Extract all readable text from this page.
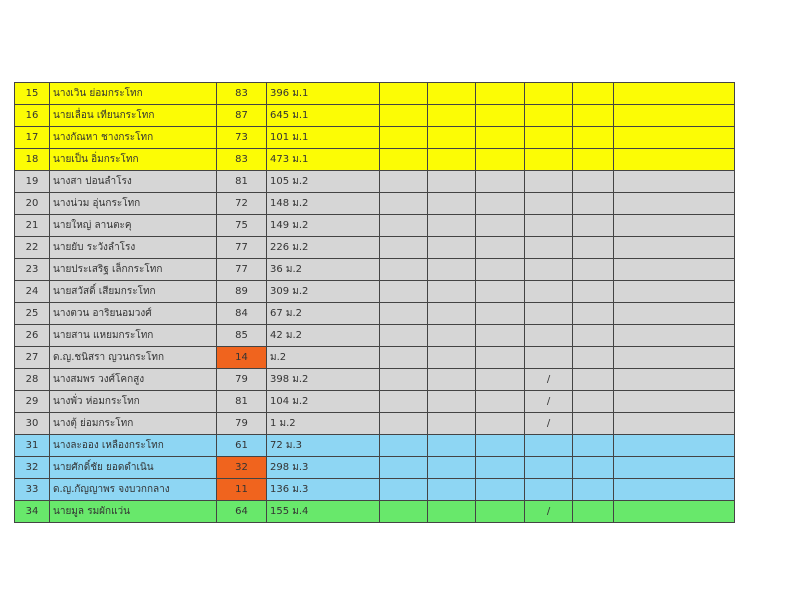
15	นางเวิน ย่อมกระโทก	83	396 ม.1						
16	นายเลื่อน เทียนกระโทก	87	645 ม.1						
17	นางกัณหา ชางกระโทก	73	101 ม.1						
18	นายเป็น อิ่มกระโทก	83	473 ม.1						
19	นางสา ปอนลำโรง	81	105 ม.2						
20	นางน่วม อุ่นกระโทก	72	148 ม.2						
21	นายใหญ่ ลานตะคุ	75	149 ม.2						
22	นายยับ ระวังลำโรง	77	226 ม.2						
23	นายประเสริฐ เล็กกระโทก	77	36 ม.2						
24	นายสวัสดิ์ เสียมกระโทก	89	309 ม.2						
25	นางตวน อาริยนอมวงศ์	84	67 ม.2						
26	นายสาน แหยมกระโทก	85	42 ม.2						
27	ด.ญ.ชนิสรา ญวนกระโทก	14	ม.2						
28	นางสมพร วงศ์โคกสูง	79	398 ม.2				/		
29	นางพั่ว ห่อมกระโทก	81	104 ม.2				/		
30	นางตุ้ ย่อมกระโทก	79	1 ม.2				/		
31	นางละออง เหลืองกระโทก	61	72 ม.3						
32	นายศักดิ์ชัย ยอดดำเนิน	32	298 ม.3						
33	ด.ญ.กัญญาพร จงบวกกลาง	11	136 ม.3						
34	นายมูล รมผักแว่น	64	155 ม.4				/		
